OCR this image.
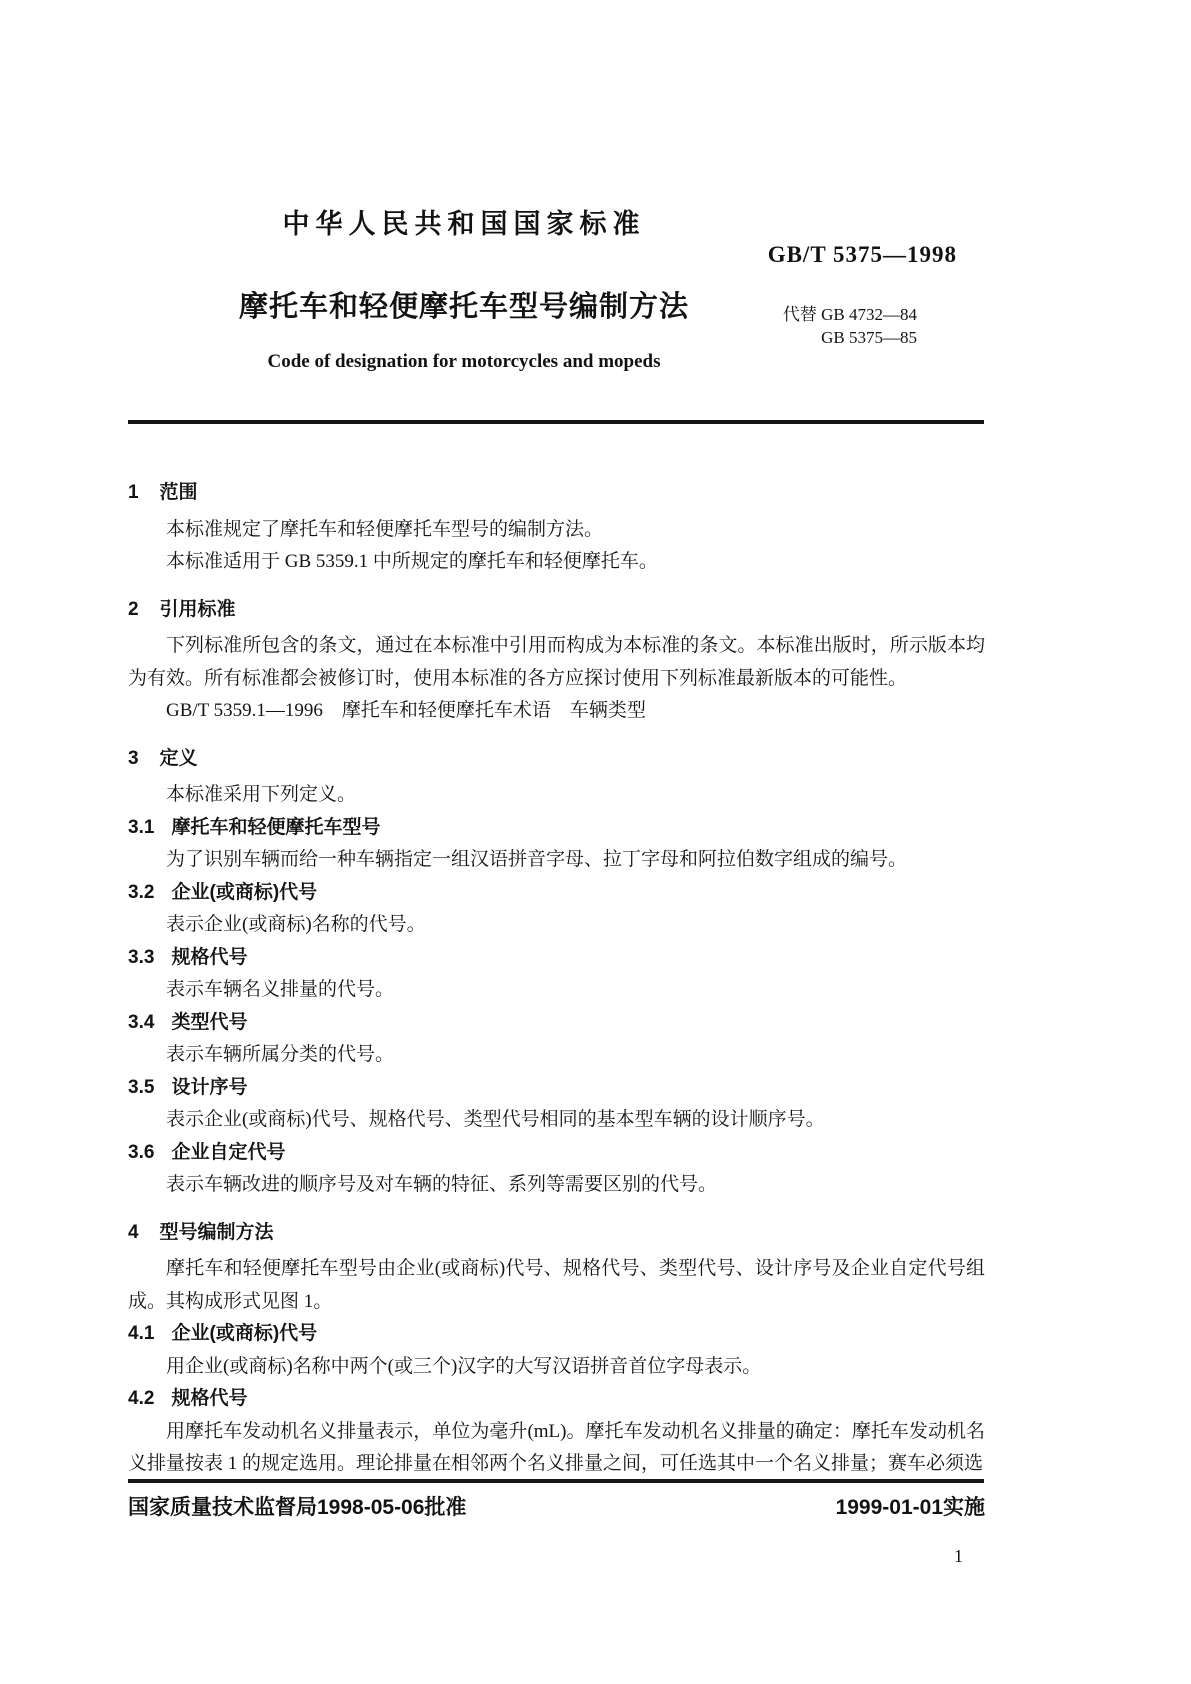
中华人民共和国国家标准
GB/T 5375—1998
摩托车和轻便摩托车型号编制方法	代替 GB 4732—84
GB 5375—85
Code of designation for motorcycles and mopeds
1 范围
本标准规定了摩托车和轻便摩托车型号的编制方法。
本标准适用于 GB 5359.1 中所规定的摩托车和轻便摩托车。
2 引用标准
下列标准所包含的条文，通过在本标准中引用而构成为本标准的条文。本标准出版时，所示版本均为有效。所有标准都会被修订时，使用本标准的各方应探讨使用下列标准最新版本的可能性。
GB/T 5359.1—1996　摩托车和轻便摩托车术语　车辆类型
3 定义
本标准采用下列定义。
3.1 摩托车和轻便摩托车型号
为了识别车辆而给一种车辆指定一组汉语拼音字母、拉丁字母和阿拉伯数字组成的编号。
3.2 企业(或商标)代号
表示企业(或商标)名称的代号。
3.3 规格代号
表示车辆名义排量的代号。
3.4 类型代号
表示车辆所属分类的代号。
3.5 设计序号
表示企业(或商标)代号、规格代号、类型代号相同的基本型车辆的设计顺序号。
3.6 企业自定代号
表示车辆改进的顺序号及对车辆的特征、系列等需要区别的代号。
4 型号编制方法
摩托车和轻便摩托车型号由企业(或商标)代号、规格代号、类型代号、设计序号及企业自定代号组成。其构成形式见图 1。
4.1 企业(或商标)代号
用企业(或商标)名称中两个(或三个)汉字的大写汉语拼音首位字母表示。
4.2 规格代号
用摩托车发动机名义排量表示，单位为毫升(mL)。摩托车发动机名义排量的确定：摩托车发动机名义排量按表 1 的规定选用。理论排量在相邻两个名义排量之间，可任选其中一个名义排量；赛车必须选
国家质量技术监督局1998-05-06批准	1999-01-01实施
1
